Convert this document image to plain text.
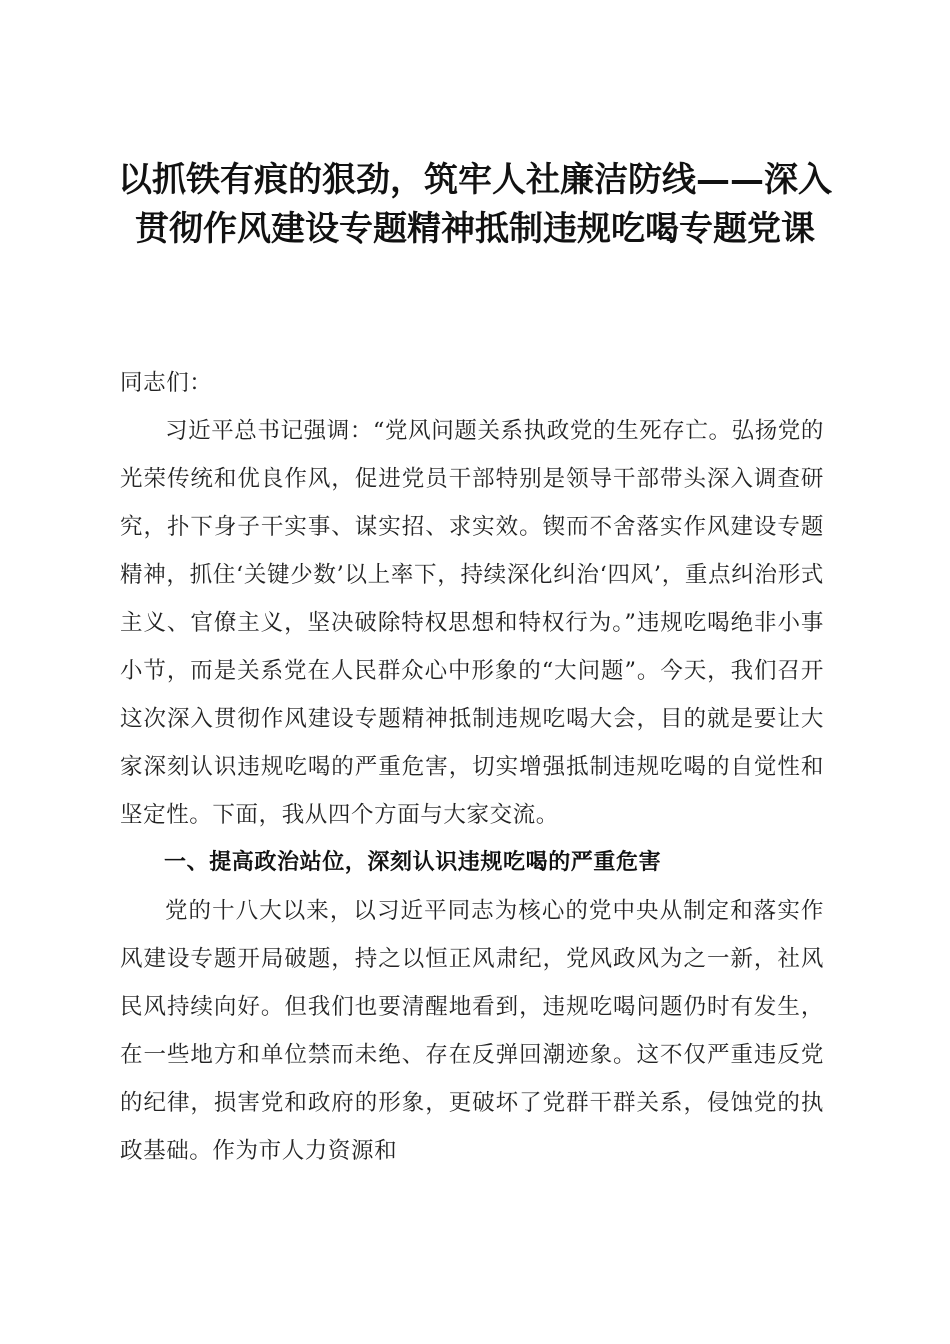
以抓铁有痕的狠劲，筑牢人社廉洁防线——深入贯彻作风建设专题精神抵制违规吃喝专题党课

同志们：

习近平总书记强调：“党风问题关系执政党的生死存亡。弘扬党的光荣传统和优良作风，促进党员干部特别是领导干部带头深入调查研究，扑下身子干实事、谋实招、求实效。锲而不舍落实作风建设专题精神，抓住‘关键少数’以上率下，持续深化纠治‘四风’，重点纠治形式主义、官僚主义，坚决破除特权思想和特权行为。”违规吃喝绝非小事小节，而是关系党在人民群众心中形象的“大问题”。今天，我们召开这次深入贯彻作风建设专题精神抵制违规吃喝大会，目的就是要让大家深刻认识违规吃喝的严重危害，切实增强抵制违规吃喝的自觉性和坚定性。下面，我从四个方面与大家交流。

一、提高政治站位，深刻认识违规吃喝的严重危害

党的十八大以来，以习近平同志为核心的党中央从制定和落实作风建设专题开局破题，持之以恒正风肃纪，党风政风为之一新，社风民风持续向好。但我们也要清醒地看到，违规吃喝问题仍时有发生，在一些地方和单位禁而未绝、存在反弹回潮迹象。这不仅严重违反党的纪律，损害党和政府的形象，更破坏了党群干群关系，侵蚀党的执政基础。作为市人力资源和
